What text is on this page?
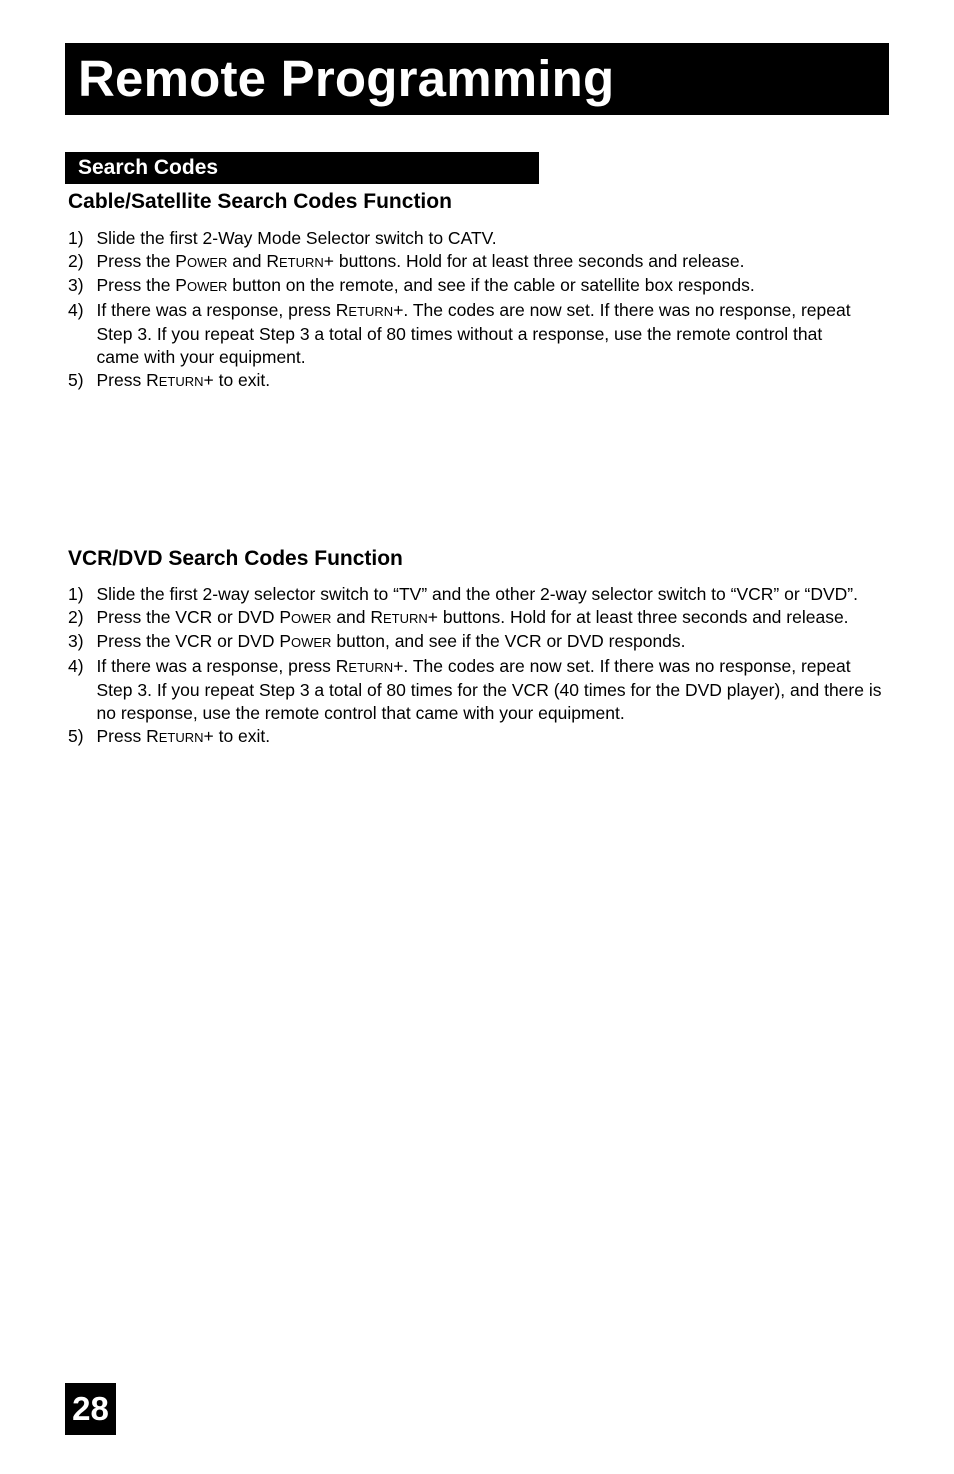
Remote Programming
Search Codes
Cable/Satellite Search Codes Function
1) Slide the first 2-Way Mode Selector switch to CATV.
2) Press the POWER and RETURN+ buttons. Hold for at least three seconds and release.
3) Press the POWER button on the remote, and see if the cable or satellite box responds.
4) If there was a response, press RETURN+. The codes are now set. If there was no response, repeat Step 3. If you repeat Step 3 a total of 80 times without a response, use the remote control that came with your equipment.
5) Press RETURN+ to exit.
VCR/DVD Search Codes Function
1) Slide the first 2-way selector switch to “TV” and the other 2-way selector switch to “VCR” or “DVD”.
2) Press the VCR or DVD POWER and RETURN+ buttons. Hold for at least three seconds and release.
3) Press the VCR or DVD POWER button, and see if the VCR or DVD responds.
4) If there was a response, press RETURN+. The codes are now set. If there was no response, repeat Step 3. If you repeat Step 3 a total of 80 times for the VCR (40 times for the DVD player), and there is no response, use the remote control that came with your equipment.
5) Press RETURN+ to exit.
28
